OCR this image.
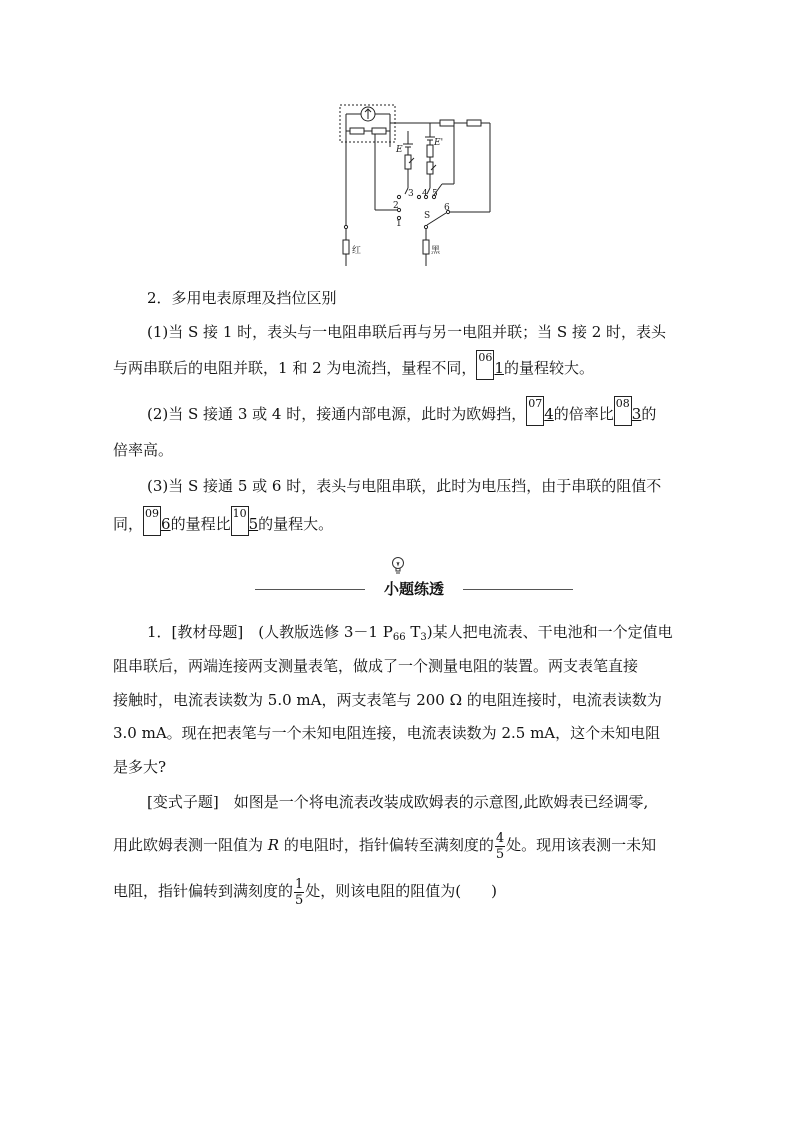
E
E'
3 4 5
2
1
6
S
红	黑
2．多用电表原理及挡位区别
(1)当 S 接 1 时，表头与一电阻串联后再与另一电阻并联；当 S 接 2 时，表头
与两串联后的电阻并联，1 和 2 为电流挡，量程不同，061的量程较大。
(2)当 S 接通 3 或 4 时，接通内部电源，此时为欧姆挡，074的倍率比083的
倍率高。
(3)当 S 接通 5 或 6 时，表头与电阻串联，此时为电压挡，由于串联的阻值不
同，096的量程比105的量程大。
小题练透
1．[教材母题]　(人教版选修 3－1 $P_{66}$ $T_3$)某人把电流表、干电池和一个定值电
阻串联后，两端连接两支测量表笔，做成了一个测量电阻的装置。两支表笔直接
接触时，电流表读数为 5.0 mA，两支表笔与 200 Ω 的电阻连接时，电流表读数为
3.0 mA。现在把表笔与一个未知电阻连接，电流表读数为 2.5 mA，这个未知电阻
是多大?
[变式子题]　如图是一个将电流表改装成欧姆表的示意图,此欧姆表已经调零,
用此欧姆表测一阻值为 R 的电阻时，指针偏转至满刻度的 $\frac{4}{5}$ 处。现用该表测一未知
电阻，指针偏转到满刻度的 $\frac{1}{5}$ 处，则该电阻的阻值为(　　)
